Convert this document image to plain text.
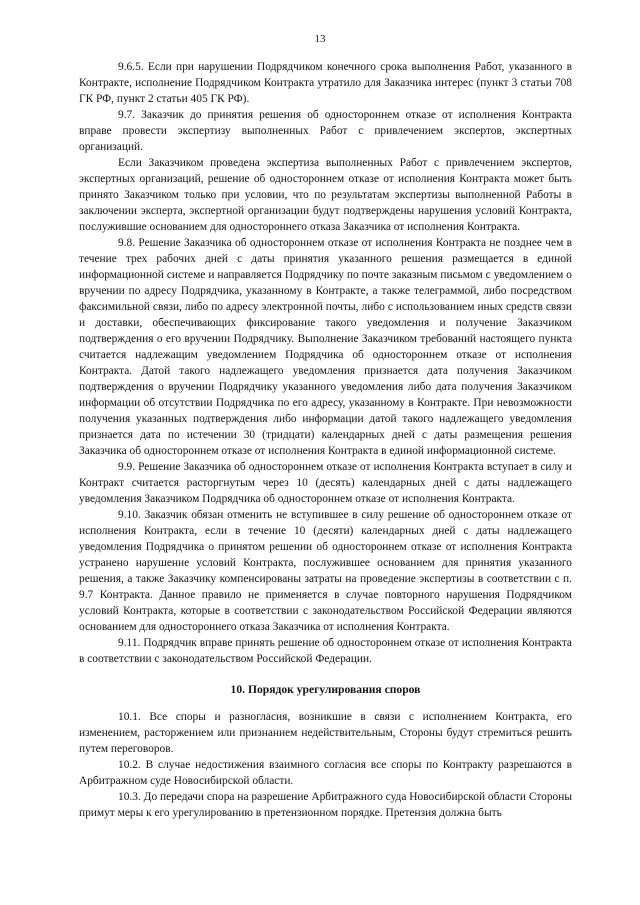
13

9.6.5. Если при нарушении Подрядчиком конечного срока выполнения Работ, указанного в Контракте, исполнение Подрядчиком Контракта утратило для Заказчика интерес (пункт 3 статьи 708 ГК РФ, пункт 2 статьи 405 ГК РФ).

9.7. Заказчик до принятия решения об одностороннем отказе от исполнения Контракта вправе провести экспертизу выполненных Работ с привлечением экспертов, экспертных организаций.

Если Заказчиком проведена экспертиза выполненных Работ с привлечением экспертов, экспертных организаций, решение об одностороннем отказе от исполнения Контракта может быть принято Заказчиком только при условии, что по результатам экспертизы выполненной Работы в заключении эксперта, экспертной организации будут подтверждены нарушения условий Контракта, послужившие основанием для одностороннего отказа Заказчика от исполнения Контракта.

9.8. Решение Заказчика об одностороннем отказе от исполнения Контракта не позднее чем в течение трех рабочих дней с даты принятия указанного решения размещается в единой информационной системе и направляется Подрядчику по почте заказным письмом с уведомлением о вручении по адресу Подрядчика, указанному в Контракте, а также телеграммой, либо посредством факсимильной связи, либо по адресу электронной почты, либо с использованием иных средств связи и доставки, обеспечивающих фиксирование такого уведомления и получение Заказчиком подтверждения о его вручении Подрядчику. Выполнение Заказчиком требований настоящего пункта считается надлежащим уведомлением Подрядчика об одностороннем отказе от исполнения Контракта. Датой такого надлежащего уведомления признается дата получения Заказчиком подтверждения о вручении Подрядчику указанного уведомления либо дата получения Заказчиком информации об отсутствии Подрядчика по его адресу, указанному в Контракте. При невозможности получения указанных подтверждения либо информации датой такого надлежащего уведомления признается дата по истечении 30 (тридцати) календарных дней с даты размещения решения Заказчика об одностороннем отказе от исполнения Контракта в единой информационной системе.

9.9. Решение Заказчика об одностороннем отказе от исполнения Контракта вступает в силу и Контракт считается расторгнутым через 10 (десять) календарных дней с даты надлежащего уведомления Заказчиком Подрядчика об одностороннем отказе от исполнения Контракта.

9.10. Заказчик обязан отменить не вступившее в силу решение об одностороннем отказе от исполнения Контракта, если в течение 10 (десяти) календарных дней с даты надлежащего уведомления Подрядчика о принятом решении об одностороннем отказе от исполнения Контракта устранено нарушение условий Контракта, послужившее основанием для принятия указанного решения, а также Заказчику компенсированы затраты на проведение экспертизы в соответствии с п. 9.7 Контракта. Данное правило не применяется в случае повторного нарушения Подрядчиком условий Контракта, которые в соответствии с законодательством Российской Федерации являются основанием для одностороннего отказа Заказчика от исполнения Контракта.

9.11. Подрядчик вправе принять решение об одностороннем отказе от исполнения Контракта в соответствии с законодательством Российской Федерации.

10. Порядок урегулирования споров

10.1. Все споры и разногласия, возникшие в связи с исполнением Контракта, его изменением, расторжением или признанием недействительным, Стороны будут стремиться решить путем переговоров.

10.2. В случае недостижения взаимного согласия все споры по Контракту разрешаются в Арбитражном суде Новосибирской области.

10.3. До передачи спора на разрешение Арбитражного суда Новосибирской области Стороны примут меры к его урегулированию в претензионном порядке. Претензия должна быть
